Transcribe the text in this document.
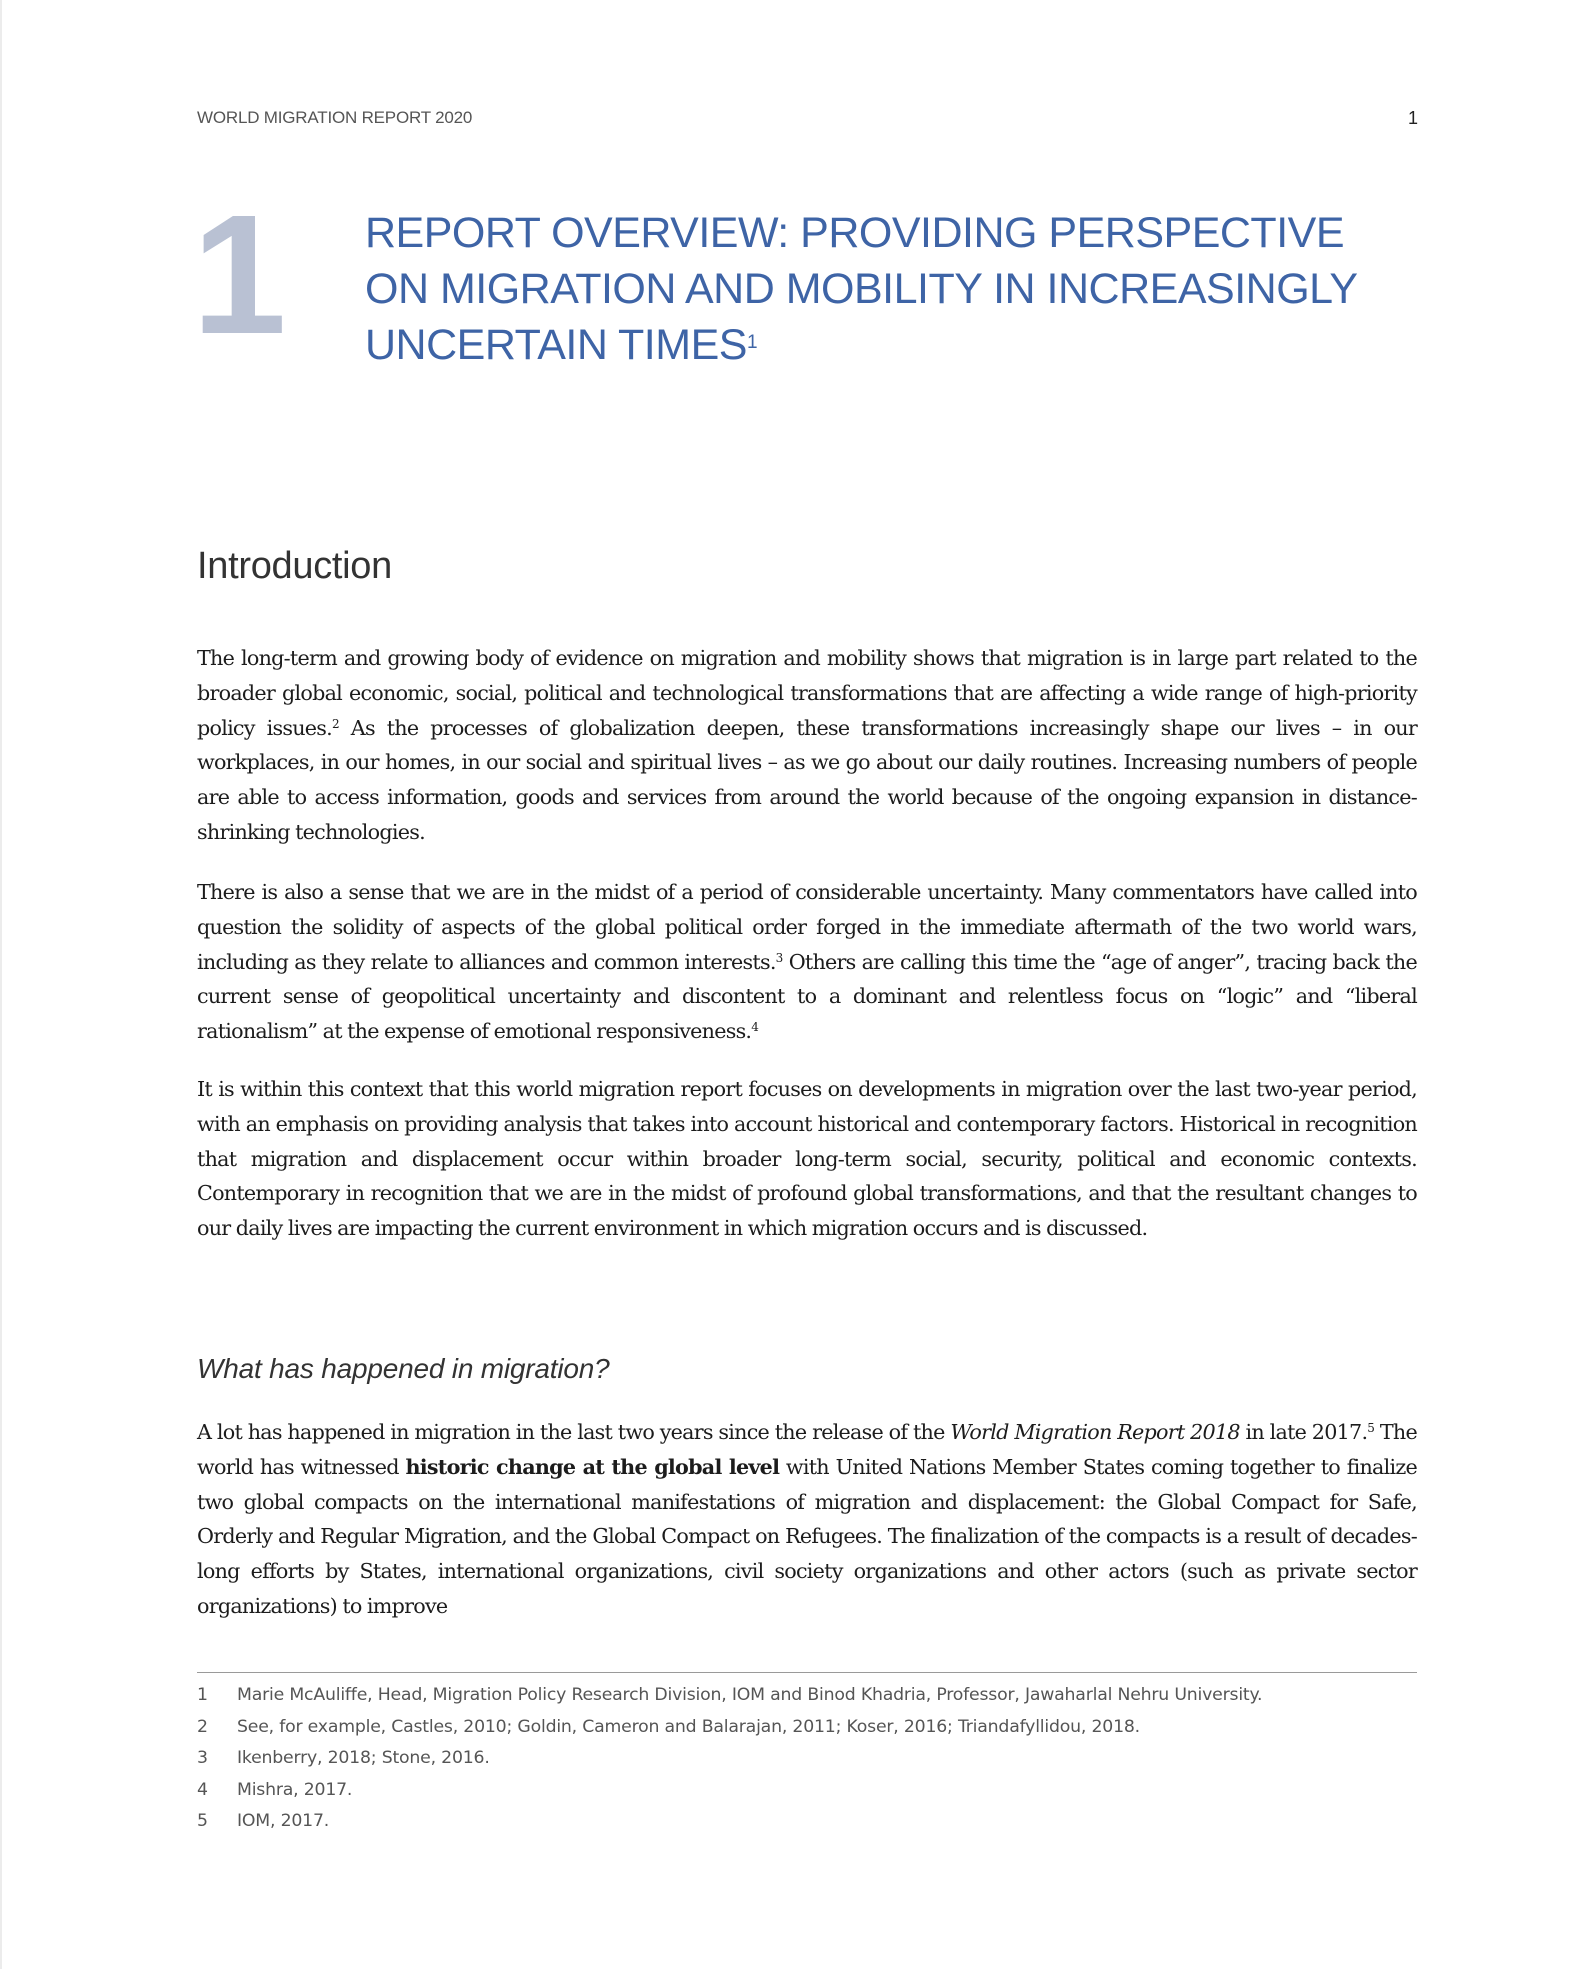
WORLD MIGRATION REPORT 2020	1
1 REPORT OVERVIEW: PROVIDING PERSPECTIVE
ON MIGRATION AND MOBILITY IN INCREASINGLY
UNCERTAIN TIMES$^1$
Introduction

The long-term and growing body of evidence on migration and mobility shows that migration is in large part related to the broader global economic, social, political and technological transformations that are affecting a wide range of high-priority policy issues.$^2$ As the processes of globalization deepen, these transformations increasingly shape our lives – in our workplaces, in our homes, in our social and spiritual lives – as we go about our daily routines. Increasing numbers of people are able to access information, goods and services from around the world because of the ongoing expansion in distance-shrinking technologies.

There is also a sense that we are in the midst of a period of considerable uncertainty. Many commentators have called into question the solidity of aspects of the global political order forged in the immediate aftermath of the two world wars, including as they relate to alliances and common interests.$^3$ Others are calling this time the “age of anger”, tracing back the current sense of geopolitical uncertainty and discontent to a dominant and relentless focus on “logic” and “liberal rationalism” at the expense of emotional responsiveness.$^4$

It is within this context that this world migration report focuses on developments in migration over the last two-year period, with an emphasis on providing analysis that takes into account historical and contemporary factors. Historical in recognition that migration and displacement occur within broader long-term social, security, political and economic contexts. Contemporary in recognition that we are in the midst of profound global transformations, and that the resultant changes to our daily lives are impacting the current environment in which migration occurs and is discussed.

What has happened in migration?

A lot has happened in migration in the last two years since the release of the World Migration Report 2018 in late 2017.$^5$ The world has witnessed historic change at the global level with United Nations Member States coming together to finalize two global compacts on the international manifestations of migration and displacement: the Global Compact for Safe, Orderly and Regular Migration, and the Global Compact on Refugees. The finalization of the compacts is a result of decades-long efforts by States, international organizations, civil society organizations and other actors (such as private sector organizations) to improve

1	Marie McAuliffe, Head, Migration Policy Research Division, IOM and Binod Khadria, Professor, Jawaharlal Nehru University.
2	See, for example, Castles, 2010; Goldin, Cameron and Balarajan, 2011; Koser, 2016; Triandafyllidou, 2018.
3	Ikenberry, 2018; Stone, 2016.
4	Mishra, 2017.
5	IOM, 2017.
